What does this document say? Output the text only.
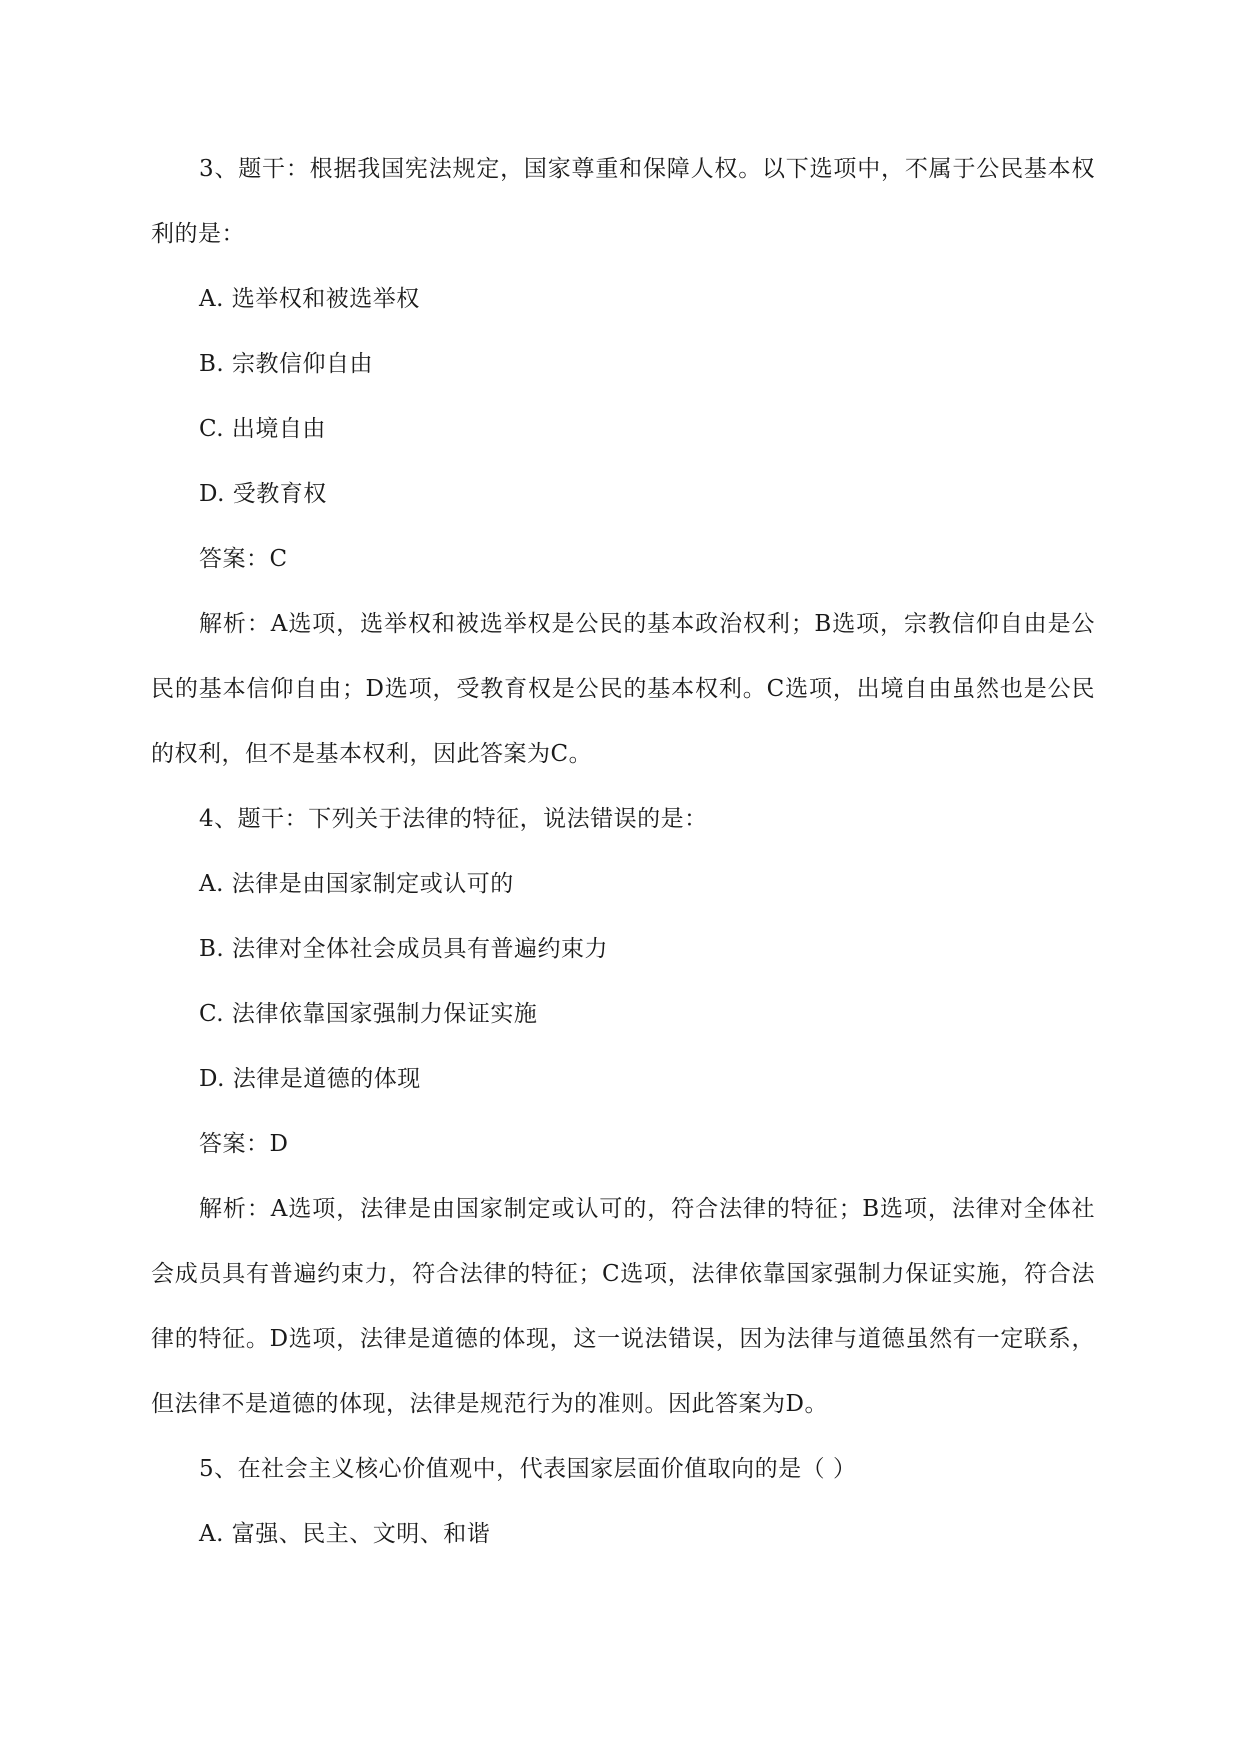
3、题干：根据我国宪法规定，国家尊重和保障人权。以下选项中，不属于公民基本权利的是：

A. 选举权和被选举权

B. 宗教信仰自由

C. 出境自由

D. 受教育权

答案：C

解析：A选项，选举权和被选举权是公民的基本政治权利；B选项，宗教信仰自由是公民的基本信仰自由；D选项，受教育权是公民的基本权利。C选项，出境自由虽然也是公民的权利，但不是基本权利，因此答案为C。

4、题干：下列关于法律的特征，说法错误的是：

A. 法律是由国家制定或认可的

B. 法律对全体社会成员具有普遍约束力

C. 法律依靠国家强制力保证实施

D. 法律是道德的体现

答案：D

解析：A选项，法律是由国家制定或认可的，符合法律的特征；B选项，法律对全体社会成员具有普遍约束力，符合法律的特征；C选项，法律依靠国家强制力保证实施，符合法律的特征。D选项，法律是道德的体现，这一说法错误，因为法律与道德虽然有一定联系，但法律不是道德的体现，法律是规范行为的准则。因此答案为D。

5、在社会主义核心价值观中，代表国家层面价值取向的是（ ）

A. 富强、民主、文明、和谐
